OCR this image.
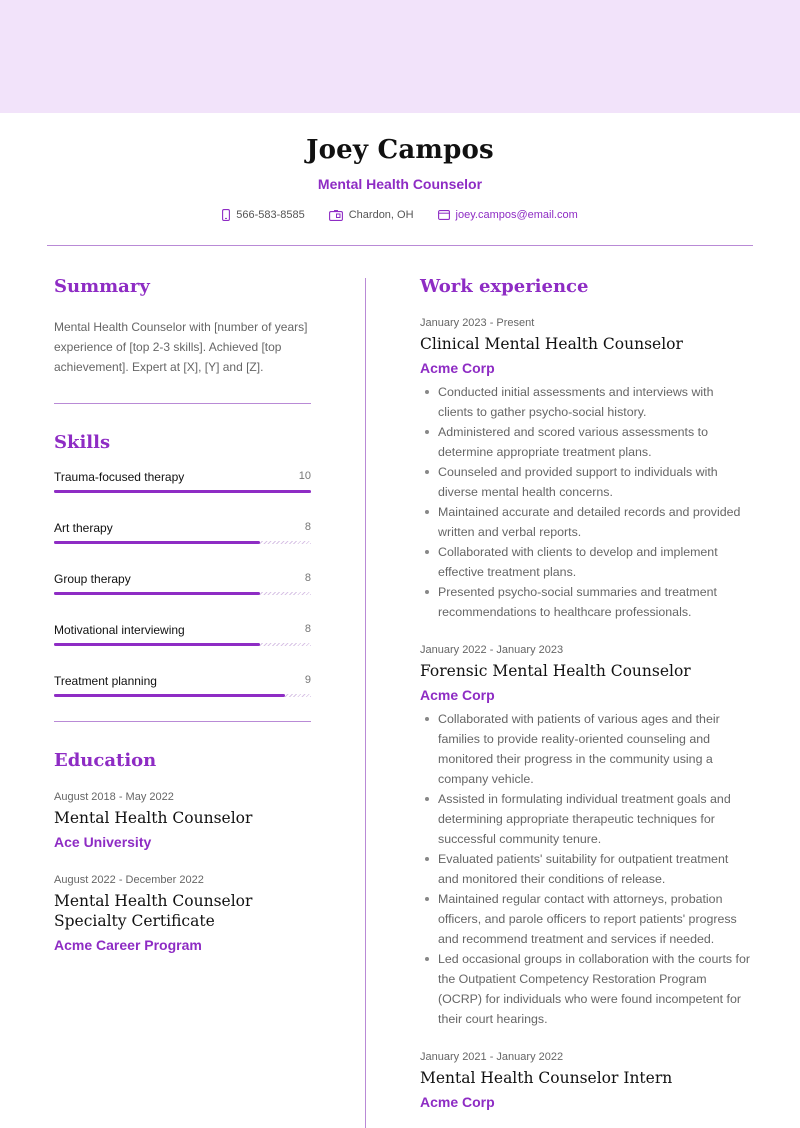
Joey Campos
Mental Health Counselor
566-583-8585	Chardon, OH	joey.campos@email.com
Summary
Mental Health Counselor with [number of years] experience of [top 2-3 skills]. Achieved [top achievement]. Expert at [X], [Y] and [Z].
Skills
Trauma-focused therapy	10
Art therapy	8
Group therapy	8
Motivational interviewing	8
Treatment planning	9
Education
August 2018 - May 2022
Mental Health Counselor
Ace University
August 2022 - December 2022
Mental Health Counselor Specialty Certificate
Acme Career Program
Work experience
January 2023 - Present
Clinical Mental Health Counselor
Acme Corp
Conducted initial assessments and interviews with clients to gather psycho-social history.
Administered and scored various assessments to determine appropriate treatment plans.
Counseled and provided support to individuals with diverse mental health concerns.
Maintained accurate and detailed records and provided written and verbal reports.
Collaborated with clients to develop and implement effective treatment plans.
Presented psycho-social summaries and treatment recommendations to healthcare professionals.
January 2022 - January 2023
Forensic Mental Health Counselor
Acme Corp
Collaborated with patients of various ages and their families to provide reality-oriented counseling and monitored their progress in the community using a company vehicle.
Assisted in formulating individual treatment goals and determining appropriate therapeutic techniques for successful community tenure.
Evaluated patients' suitability for outpatient treatment and monitored their conditions of release.
Maintained regular contact with attorneys, probation officers, and parole officers to report patients' progress and recommend treatment and services if needed.
Led occasional groups in collaboration with the courts for the Outpatient Competency Restoration Program (OCRP) for individuals who were found incompetent for their court hearings.
January 2021 - January 2022
Mental Health Counselor Intern
Acme Corp
